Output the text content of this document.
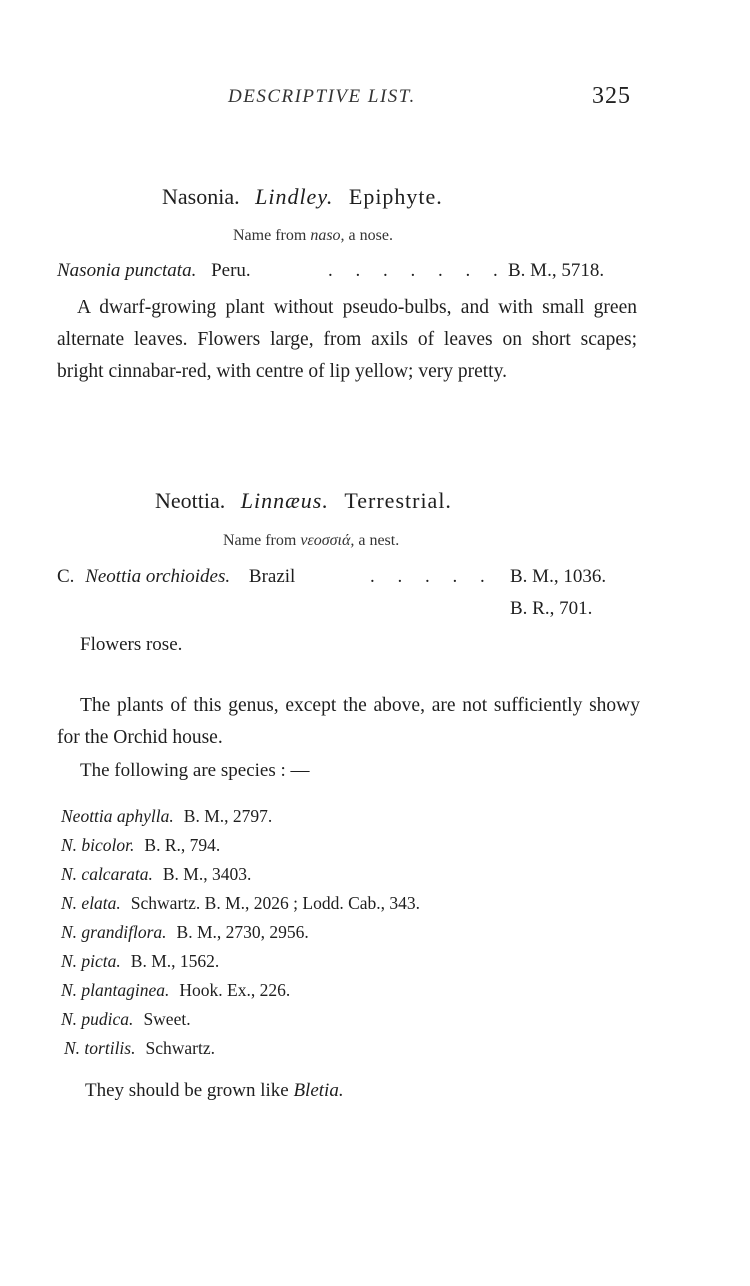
DESCRIPTIVE LIST.	325
Nasonia. Lindley. Epiphyte.
Name from naso, a nose.
Nasonia punctata. Peru.	. . . . . . . B. M., 5718.
A dwarf-growing plant without pseudo-bulbs, and with small green alternate leaves. Flowers large, from axils of leaves on short scapes; bright cinnabar-red, with centre of lip yellow; very pretty.
Neottia. Linnæus. Terrestrial.
Name from νεοσσιά, a nest.
C. Neottia orchioides. Brazil	. . . . . B. M., 1036.
B. R., 701.
Flowers rose.
The plants of this genus, except the above, are not sufficiently showy for the Orchid house.
The following are species : —
Neottia aphylla. B. M., 2797.
N. bicolor. B. R., 794.
N. calcarata. B. M., 3403.
N. elata. Schwartz. B. M., 2026 ; Lodd. Cab., 343.
N. grandiflora. B. M., 2730, 2956.
N. picta. B. M., 1562.
N. plantaginea. Hook. Ex., 226.
N. pudica. Sweet.
N. tortilis. Schwartz.
They should be grown like Bletia.
